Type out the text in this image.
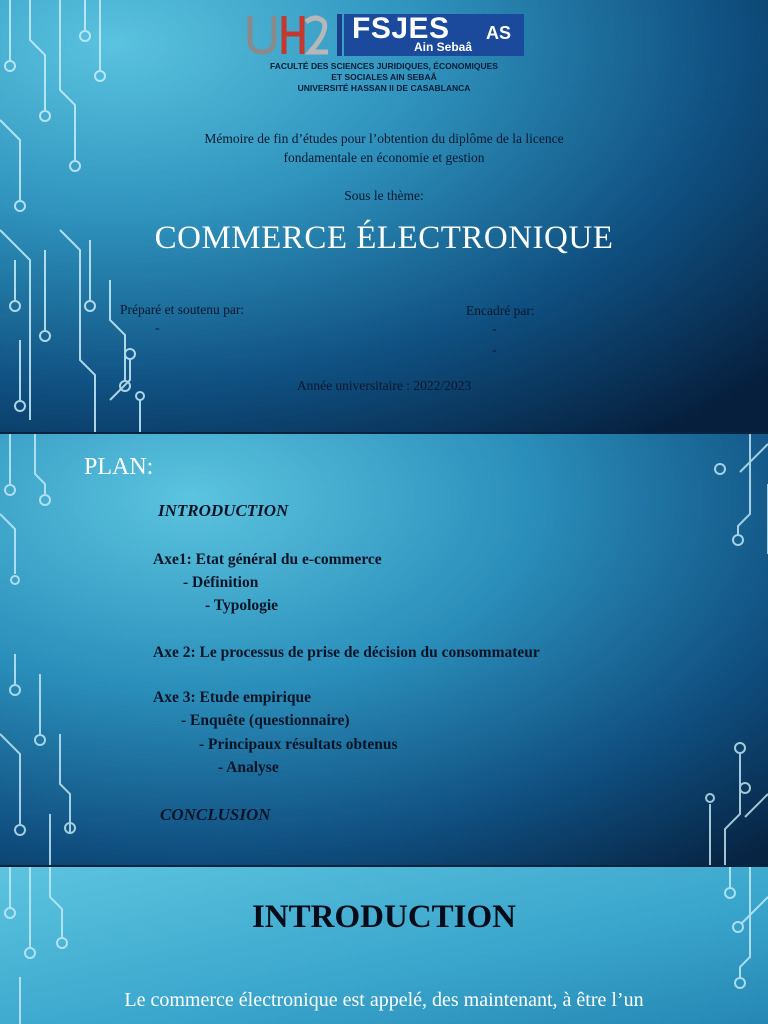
FSJES AS
Ain Sebaâ
FACULTÉ DES SCIENCES JURIDIQUES, ÉCONOMIQUES
ET SOCIALES AIN SEBAÂ
UNIVERSITÉ HASSAN II DE CASABLANCA
Mémoire de fin d’études pour l’obtention du diplôme de la licence
fondamentale en économie et gestion
Sous le thème:
COMMERCE ÉLECTRONIQUE
Préparé et soutenu par:
-
Encadré par:
-
-
Année universitaire : 2022/2023
PLAN:
INTRODUCTION
Axe1: Etat général du e-commerce
- Définition
- Typologie
Axe 2: Le processus de prise de décision du consommateur
Axe 3: Etude empirique
- Enquête (questionnaire)
- Principaux résultats obtenus
- Analyse
CONCLUSION
INTRODUCTION
Le commerce électronique est appelé, des maintenant, à être l’un
